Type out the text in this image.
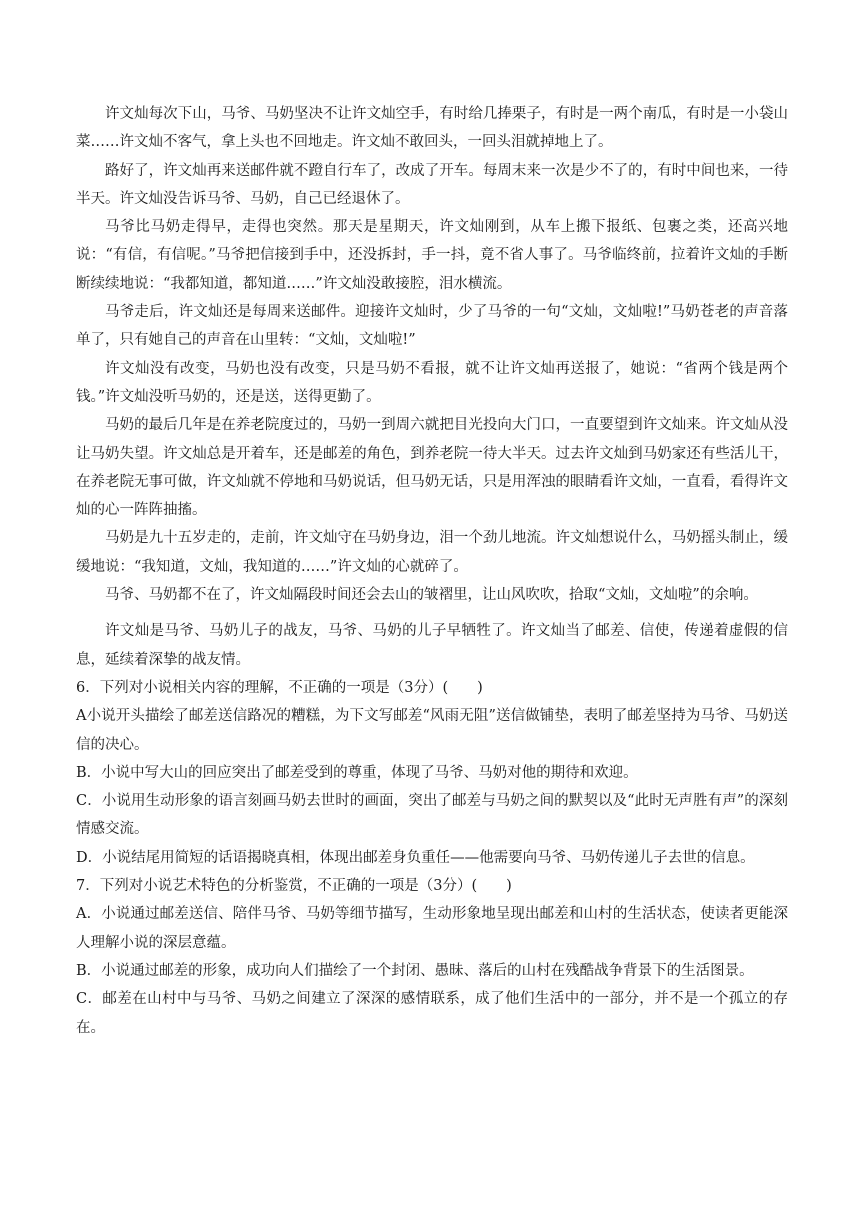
许文灿每次下山，马爷、马奶坚决不让许文灿空手，有时给几捧栗子，有时是一两个南瓜，有时是一小袋山菜……许文灿不客气，拿上头也不回地走。许文灿不敢回头，一回头泪就掉地上了。

路好了，许文灿再来送邮件就不蹬自行车了，改成了开车。每周末来一次是少不了的，有时中间也来，一待半天。许文灿没告诉马爷、马奶，自己已经退休了。

马爷比马奶走得早，走得也突然。那天是星期天，许文灿刚到，从车上搬下报纸、包裹之类，还高兴地说：“有信，有信呢。”马爷把信接到手中，还没拆封，手一抖，竟不省人事了。马爷临终前，拉着许文灿的手断断续续地说：“我都知道，都知道……”许文灿没敢接腔，泪水横流。

马爷走后，许文灿还是每周来送邮件。迎接许文灿时，少了马爷的一句“文灿，文灿啦!”马奶苍老的声音落单了，只有她自己的声音在山里转：“文灿，文灿啦!”

许文灿没有改变，马奶也没有改变，只是马奶不看报，就不让许文灿再送报了，她说：“省两个钱是两个钱。”许文灿没听马奶的，还是送，送得更勤了。

马奶的最后几年是在养老院度过的，马奶一到周六就把目光投向大门口，一直要望到许文灿来。许文灿从没让马奶失望。许文灿总是开着车，还是邮差的角色，到养老院一待大半天。过去许文灿到马奶家还有些活儿干，在养老院无事可做，许文灿就不停地和马奶说话，但马奶无话，只是用浑浊的眼睛看许文灿，一直看，看得许文灿的心一阵阵抽搐。

马奶是九十五岁走的，走前，许文灿守在马奶身边，泪一个劲儿地流。许文灿想说什么，马奶摇头制止，缓缓地说：“我知道，文灿，我知道的……”许文灿的心就碎了。

马爷、马奶都不在了，许文灿隔段时间还会去山的皱褶里，让山风吹吹，拾取“文灿，文灿啦”的余响。

许文灿是马爷、马奶儿子的战友，马爷、马奶的儿子早牺牲了。许文灿当了邮差、信使，传递着虚假的信息，延续着深挚的战友情。

6．下列对小说相关内容的理解，不正确的一项是（3分）(　　)

A小说开头描绘了邮差送信路况的糟糕，为下文写邮差“风雨无阻”送信做铺垫，表明了邮差坚持为马爷、马奶送信的决心。

B．小说中写大山的回应突出了邮差受到的尊重，体现了马爷、马奶对他的期待和欢迎。

C．小说用生动形象的语言刻画马奶去世时的画面，突出了邮差与马奶之间的默契以及“此时无声胜有声”的深刻情感交流。

D．小说结尾用简短的话语揭晓真相，体现出邮差身负重任——他需要向马爷、马奶传递儿子去世的信息。

7．下列对小说艺术特色的分析鉴赏，不正确的一项是（3分）(　　)

A．小说通过邮差送信、陪伴马爷、马奶等细节描写，生动形象地呈现出邮差和山村的生活状态，使读者更能深人理解小说的深层意蕴。

B．小说通过邮差的形象，成功向人们描绘了一个封闭、愚昧、落后的山村在残酷战争背景下的生活图景。

C．邮差在山村中与马爷、马奶之间建立了深深的感情联系，成了他们生活中的一部分，并不是一个孤立的存在。
